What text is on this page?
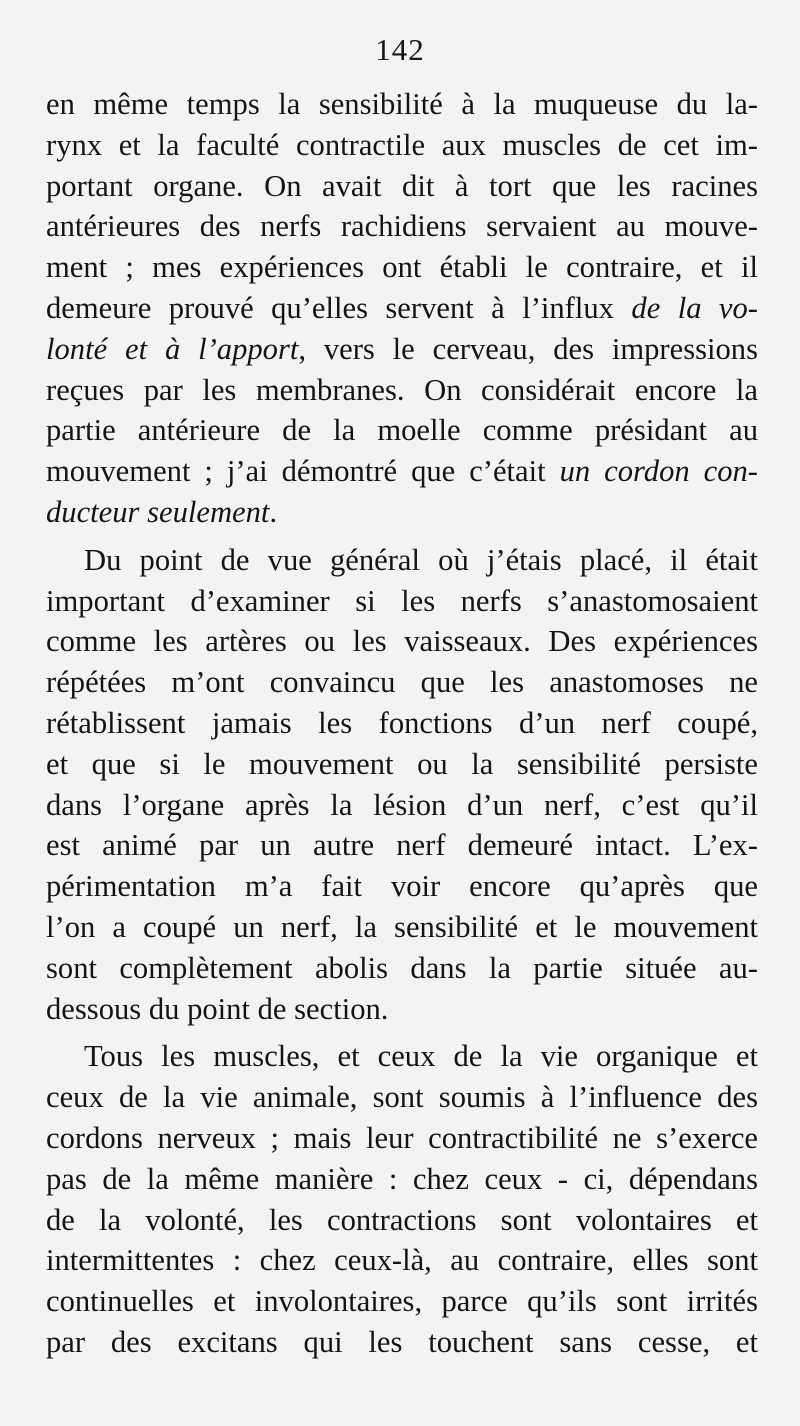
142
en même temps la sensibilité à la muqueuse du la-
rynx et la faculté contractile aux muscles de cet im-
portant organe. On avait dit à tort que les racines
antérieures des nerfs rachidiens servaient au mouve-
ment ; mes expériences ont établi le contraire, et il
demeure prouvé qu’elles servent à l’influx de la vo-
lonté et à l’apport, vers le cerveau, des impressions
reçues par les membranes. On considérait encore la
partie antérieure de la moelle comme présidant au
mouvement ; j’ai démontré que c’était un cordon con-
ducteur seulement.
Du point de vue général où j’étais placé, il était
important d’examiner si les nerfs s’anastomosaient
comme les artères ou les vaisseaux. Des expériences
répétées m’ont convaincu que les anastomoses ne
rétablissent jamais les fonctions d’un nerf coupé,
et que si le mouvement ou la sensibilité persiste
dans l’organe après la lésion d’un nerf, c’est qu’il
est animé par un autre nerf demeuré intact. L’ex-
périmentation m’a fait voir encore qu’après que
l’on a coupé un nerf, la sensibilité et le mouvement
sont complètement abolis dans la partie située au-
dessous du point de section.
Tous les muscles, et ceux de la vie organique et
ceux de la vie animale, sont soumis à l’influence des
cordons nerveux ; mais leur contractibilité ne s’exerce
pas de la même manière : chez ceux - ci, dépendans
de la volonté, les contractions sont volontaires et
intermittentes : chez ceux-là, au contraire, elles sont
continuelles et involontaires, parce qu’ils sont irrités
par des excitans qui les touchent sans cesse, et
